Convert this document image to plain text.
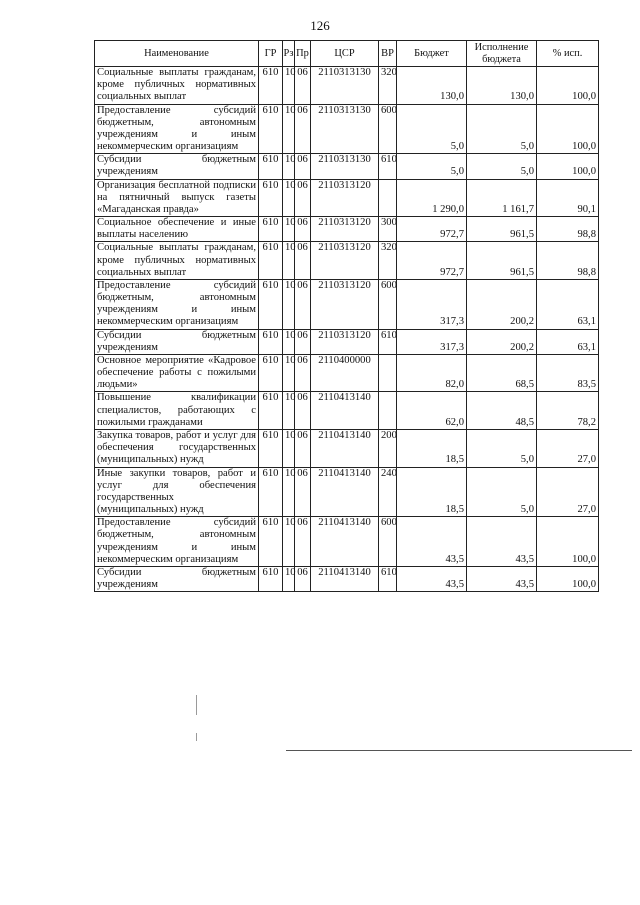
126
Наименование	ГР	Рз	Пр	ЦСР	ВР	Бюджет	Исполнение бюджета	% исп.
Социальные выплаты гражданам, кроме публичных нормативных социальных выплат	610	10	06	2110313130	320	130,0	130,0	100,0
Предоставление субсидий бюджетным, автономным учреждениям и иным некоммерческим организациям	610	10	06	2110313130	600	5,0	5,0	100,0
Субсидии бюджетным учреждениям	610	10	06	2110313130	610	5,0	5,0	100,0
Организация бесплатной подписки на пятничный выпуск газеты «Магаданская правда»	610	10	06	2110313120		1 290,0	1 161,7	90,1
Социальное обеспечение и иные выплаты населению	610	10	06	2110313120	300	972,7	961,5	98,8
Социальные выплаты гражданам, кроме публичных нормативных социальных выплат	610	10	06	2110313120	320	972,7	961,5	98,8
Предоставление субсидий бюджетным, автономным учреждениям и иным некоммерческим организациям	610	10	06	2110313120	600	317,3	200,2	63,1
Субсидии бюджетным учреждениям	610	10	06	2110313120	610	317,3	200,2	63,1
Основное мероприятие «Кадровое обеспечение работы с пожилыми людьми»	610	10	06	2110400000		82,0	68,5	83,5
Повышение квалификации специалистов, работающих с пожилыми гражданами	610	10	06	2110413140		62,0	48,5	78,2
Закупка товаров, работ и услуг для обеспечения государственных (муниципальных) нужд	610	10	06	2110413140	200	18,5	5,0	27,0
Иные закупки товаров, работ и услуг для обеспечения государственных (муниципальных) нужд	610	10	06	2110413140	240	18,5	5,0	27,0
Предоставление субсидий бюджетным, автономным учреждениям и иным некоммерческим организациям	610	10	06	2110413140	600	43,5	43,5	100,0
Субсидии бюджетным учреждениям	610	10	06	2110413140	610	43,5	43,5	100,0
